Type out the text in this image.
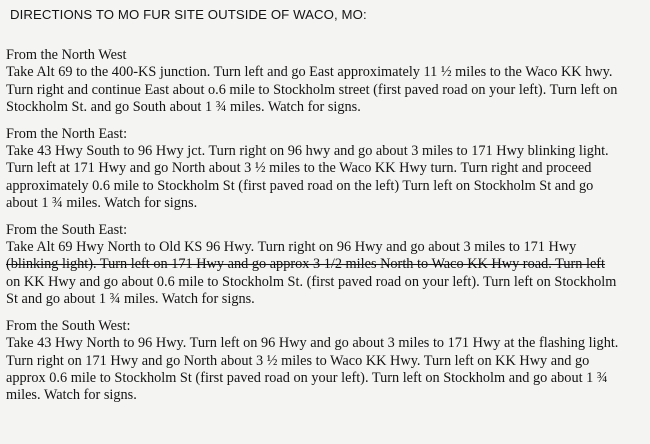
DIRECTIONS TO MO FUR SITE OUTSIDE OF WACO, MO:
From the North West
Take Alt 69 to the 400-KS junction. Turn left and go East approximately 11 ½ miles to the Waco KK hwy.
Turn right and continue East about o.6 mile to Stockholm street (first paved road on your left). Turn left on
Stockholm St. and go South about 1 ¾ miles. Watch for signs.
From the North East:
Take 43 Hwy South to 96 Hwy jct. Turn right on 96 hwy and go about 3 miles to 171 Hwy blinking light.
Turn left at 171 Hwy and go North about 3 ½ miles to the Waco KK Hwy turn. Turn right and proceed
approximately 0.6 mile to Stockholm St (first paved road on the left) Turn left on Stockholm St and go
about 1 ¾ miles. Watch for signs.
From the South East:
Take Alt 69 Hwy North to Old KS 96 Hwy. Turn right on 96 Hwy and go about 3 miles to 171 Hwy
(blinking light). Turn left on 171 Hwy and go approx 3 1/2 miles North to Waco KK Hwy road. Turn left
on KK Hwy and go about 0.6 mile to Stockholm St. (first paved road on your left). Turn left on Stockholm
St and go about 1 ¾ miles. Watch for signs.
From the South West:
Take 43 Hwy North to 96 Hwy. Turn left on 96 Hwy and go about 3 miles to 171 Hwy at the flashing light.
Turn right on 171 Hwy and go North about 3 ½ miles to Waco KK Hwy. Turn left on KK Hwy and go
approx 0.6 mile to Stockholm St (first paved road on your left). Turn left on Stockholm and go about 1 ¾
miles. Watch for signs.
